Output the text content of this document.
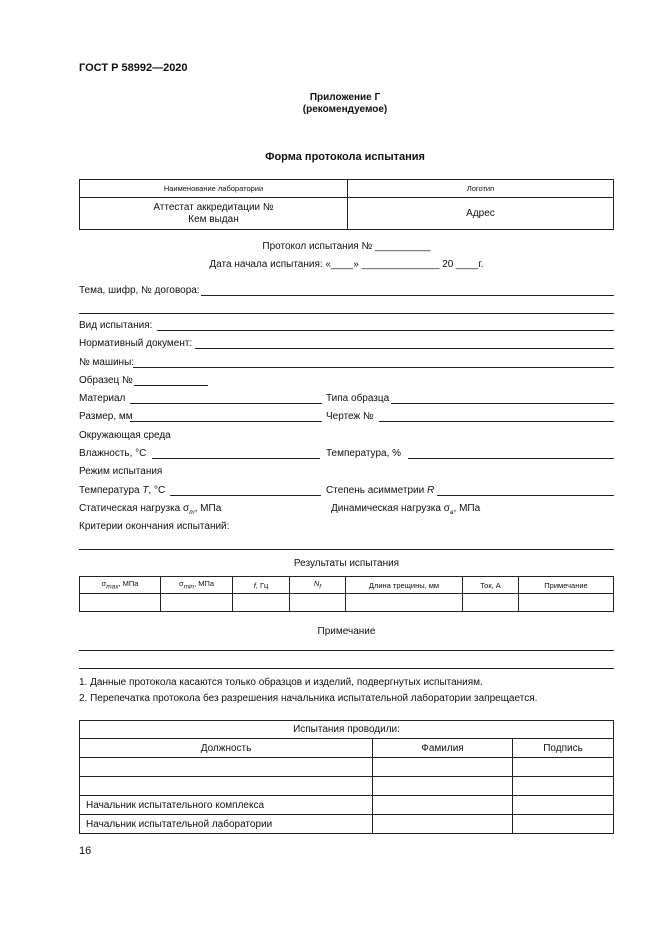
ГОСТ Р 58992—2020
Приложение Г
(рекомендуемое)
Форма протокола испытания
Наименование лаборатории	Логотип

Аттестат аккредитации №
Кем выдан	Адрес
Протокол испытания № __________
Дата начала испытания: «____» ______________ 20 ____г.
Тема, шифр, № договора:
Вид испытания:
Нормативный документ:
№ машины:
Образец №
Материал	Типа образца
Размер, мм	Чертеж №
Окружающая среда
Влажность, °С	Температура, %
Режим испытания
Температура T, °С	Степень асимметрии R
Статическая нагрузка $\sigma_m$, МПа	Динамическая нагрузка $\sigma_a$, МПа
Критерии окончания испытаний:
Результаты испытания
$\sigma_{max}$, МПа	$\sigma_{min}$, МПа	f, Гц	$N_f$	Длина трещины, мм	Ток, А	Примечание

Примечание
1. Данные протокола касаются только образцов и изделий, подвергнутых испытаниям.
2. Перепечатка протокола без разрешения начальника испытательной лаборатории запрещается.
Испытания проводили:		
Должность	Фамилия	Подпись

Начальник испытательного комплекса		
Начальник испытательной лаборатории		
16
